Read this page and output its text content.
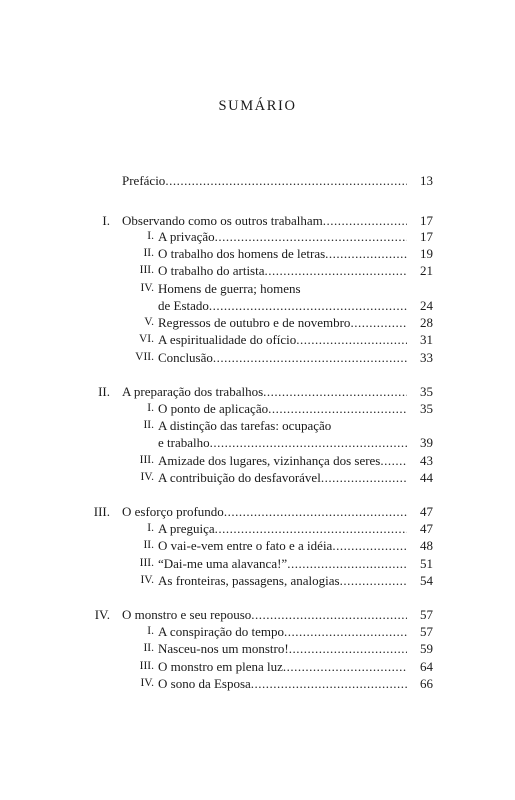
SUMÁRIO
Prefácio .....	13
I. Observando como os outros trabalham .....	17
I. A privação .....	17
II. O trabalho dos homens de letras .....	19
III. O trabalho do artista .....	21
IV. Homens de guerra; homens
de Estado .....	24
V. Regressos de outubro e de novembro .....	28
VI. A espiritualidade do ofício .....	31
VII. Conclusão .....	33
II. A preparação dos trabalhos .....	35
I. O ponto de aplicação .....	35
II. A distinção das tarefas: ocupação
e trabalho .....	39
III. Amizade dos lugares, vizinhança dos seres .....	43
IV. A contribuição do desfavorável .....	44
III. O esforço profundo .....	47
I. A preguiça .....	47
II. O vai-e-vem entre o fato e a idéia .....	48
III. “Dai-me uma alavanca!” .....	51
IV. As fronteiras, passagens, analogias .....	54
IV. O monstro e seu repouso .....	57
I. A conspiração do tempo .....	57
II. Nasceu-nos um monstro! .....	59
III. O monstro em plena luz .....	64
IV. O sono da Esposa .....	66
